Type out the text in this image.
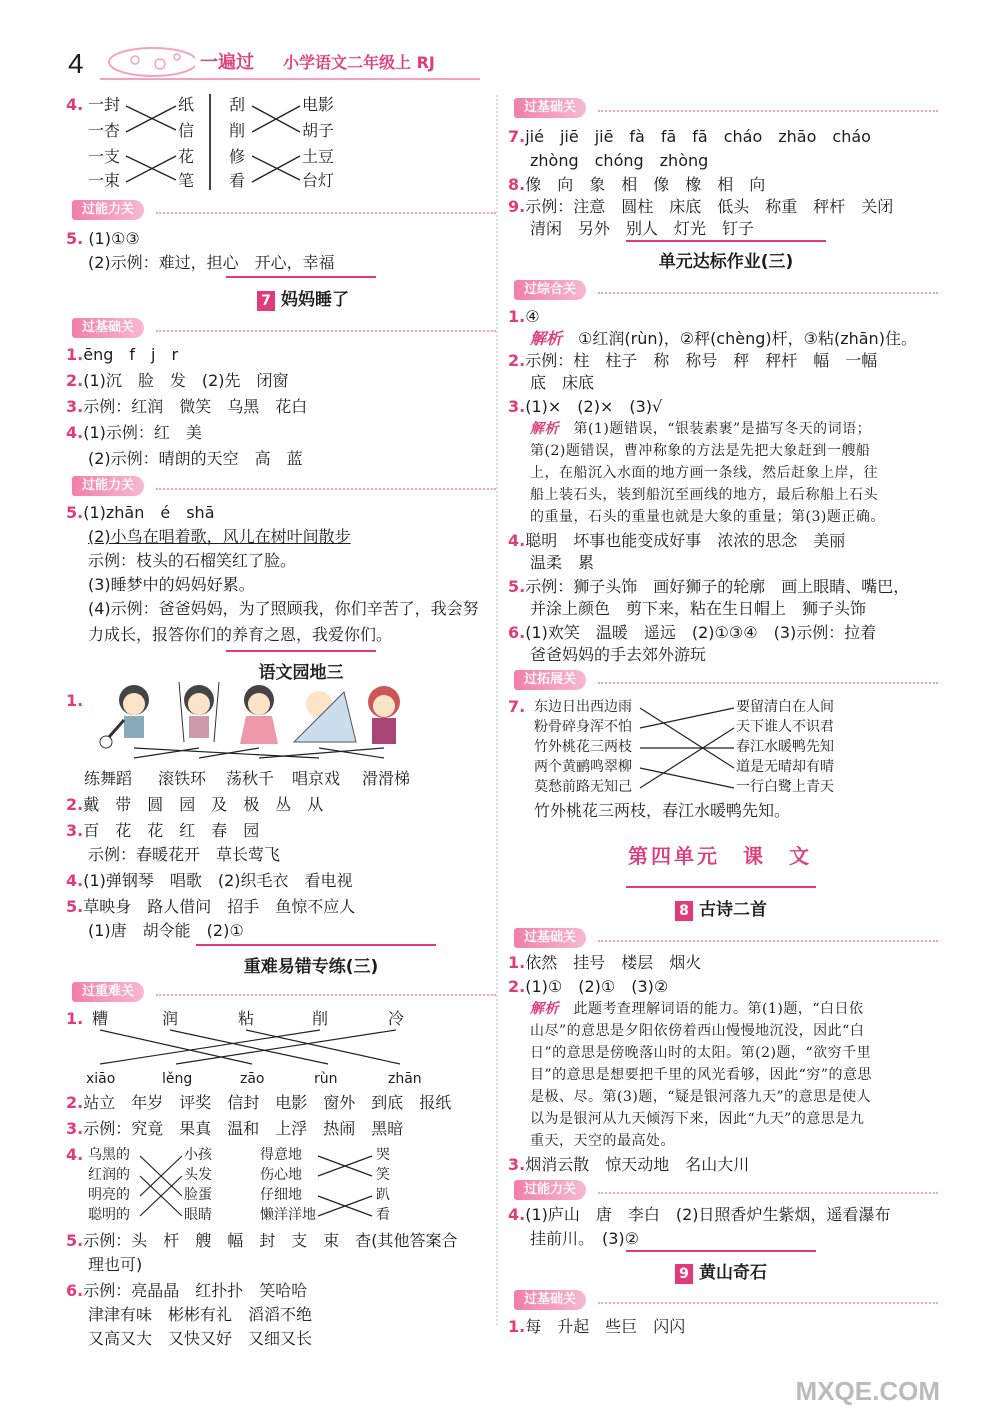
4	一遍过 小学语文二年级上 RJ
4. 一封
一杏
一支
一束
纸
信
花
笔
刮
削
修
看
电影
胡子
土豆
台灯
过能力关
5. (1)①③
(2)示例：难过，担心　开心，幸福
7 妈妈睡了
过基础关
1.ēng　f　j　r
2.(1)沉　脸　发　(2)先　闭窗
3.示例：红润　微笑　乌黑　花白
4.(1)示例：红　美
(2)示例：晴朗的天空　高　蓝
过能力关
5.(1)zhān　é　shā
(2)小鸟在唱着歌，风儿在树叶间散步
示例：枝头的石榴笑红了脸。
(3)睡梦中的妈妈好累。
(4)示例：爸爸妈妈，为了照顾我，你们辛苦了，我会努
力成长，报答你们的养育之恩，我爱你们。
语文园地三
1.
练舞蹈 滚铁环 荡秋千 唱京戏 滑滑梯
2.戴　带　圆　园　及　极　丛　从
3.百　花　花　红　春　园
示例：春暖花开　草长莺飞
4.(1)弹钢琴　唱歌　(2)织毛衣　看电视
5.草映身　路人借问　招手　鱼惊不应人
(1)唐　胡令能　(2)①
重难易错专练(三)
过重难关
1. 糟	润	粘	削	冷
xiāo	lěng	zāo	rùn	zhān
2.站立　年岁　评奖　信封　电影　窗外　到底　报纸
3.示例：究竟　果真　温和　上浮　热闹　黑暗
4. 乌黑的
红润的
明亮的
聪明的
小孩
头发
脸蛋
眼睛
得意地
伤心地
仔细地
懒洋洋地
哭
笑
趴
看
5.示例：头　杆　艘　幅　封　支　束　杳(其他答案合
理也可)
6.示例：亮晶晶　红扑扑　笑哈哈
津津有味　彬彬有礼　滔滔不绝
又高又大　又快又好　又细又长
过基础关
7.jié　jiē　jiē　fà　fā　fā　cháo　zhāo　cháo
zhòng　chóng　zhòng
8.像　向　象　相　像　橡　相　向
9.示例：注意　圆柱　床底　低头　称重　秤杆　关闭
清闲　另外　别人　灯光　钉子
单元达标作业(三)
过综合关
1.④
解析　 ①红润(rùn)，②秤(chèng)杆，③粘(zhān)住。
2.示例：柱　柱子　称　称号　秤　秤杆　幅　一幅
底　床底
3.(1)×　(2)×　(3)√
解析　 第(1)题错误，“银装素裹”是描写冬天的词语；
第(2)题错误，曹冲称象的方法是先把大象赶到一艘船
上，在船沉入水面的地方画一条线，然后赶象上岸，往
船上装石头，装到船沉至画线的地方，最后称船上石头
的重量，石头的重量也就是大象的重量；第(3)题正确。
4.聪明　坏事也能变成好事　浓浓的思念　美丽
温柔　累
5.示例：狮子头饰　画好狮子的轮廓　画上眼睛、嘴巴，
并涂上颜色　剪下来，粘在生日帽上　狮子头饰
6.(1)欢笑　温暖　遥远　(2)①③④　(3)示例：拉着
爸爸妈妈的手去郊外游玩
过拓展关
7. 东边日出西边雨
粉骨碎身浑不怕
竹外桃花三两枝
两个黄鹂鸣翠柳
莫愁前路无知己
要留清白在人间
天下谁人不识君
春江水暖鸭先知
道是无晴却有晴
一行白鹭上青天
竹外桃花三两枝，春江水暖鸭先知。
第四单元　课　文
8 古诗二首
过基础关
1.依然　挂号　楼层　烟火
2.(1)①　(2)①　(3)②
解析　 此题考查理解词语的能力。第(1)题，“白日依
山尽”的意思是夕阳依傍着西山慢慢地沉没，因此“白
日”的意思是傍晚落山时的太阳。第(2)题，“欲穷千里
目”的意思是想要把千里的风光看够，因此“穷”的意思
是极、尽。第(3)题，“疑是银河落九天”的意思是使人
以为是银河从九天倾泻下来，因此“九天”的意思是九
重天，天空的最高处。
3.烟消云散　惊天动地　名山大川
过能力关
4.(1)庐山　唐　李白　(2)日照香炉生紫烟，遥看瀑布
挂前川。　(3)②
9 黄山奇石
过基础关
1.每　升起　些巨　闪闪
MXQE.COM
